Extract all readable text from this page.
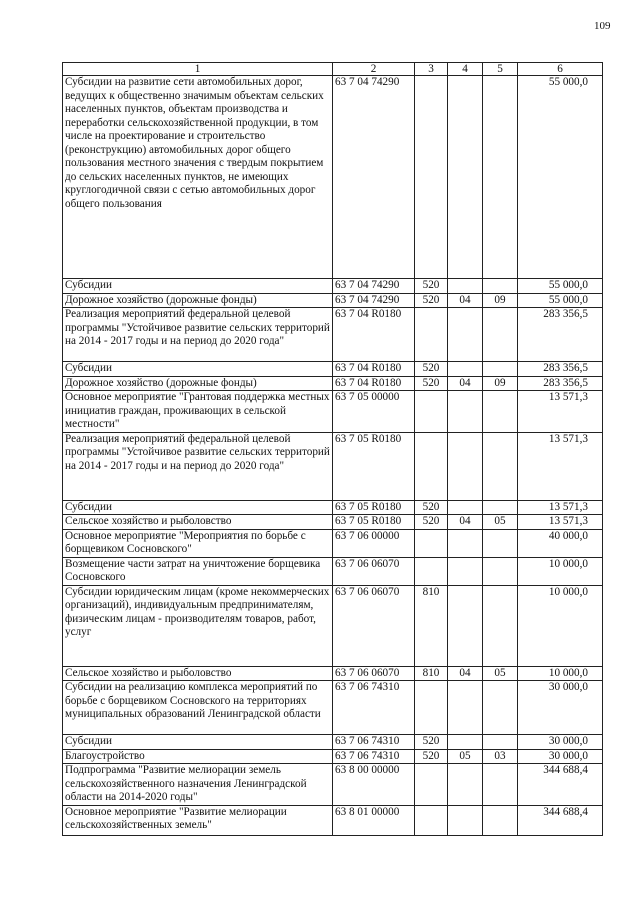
109
1	2	3	4	5	6
Субсидии на развитие сети автомобильных дорог, ведущих к общественно значимым объектам сельских населенных пунктов, объектам производства и переработки сельскохозяйственной продукции, в том числе на проектирование и строительство (реконструкцию) автомобильных дорог общего пользования местного значения с твердым покрытием до сельских населенных пунктов, не имеющих круглогодичной связи с сетью автомобильных дорог общего пользования	63 7 04 74290				55 000,0
Субсидии	63 7 04 74290	520			55 000,0
Дорожное хозяйство (дорожные фонды)	63 7 04 74290	520	04	09	55 000,0
Реализация мероприятий федеральной целевой программы "Устойчивое развитие сельских территорий на 2014 - 2017 годы и на период до 2020 года"	63 7 04 R0180				283 356,5
Субсидии	63 7 04 R0180	520			283 356,5
Дорожное хозяйство (дорожные фонды)	63 7 04 R0180	520	04	09	283 356,5
Основное мероприятие "Грантовая поддержка местных инициатив граждан, проживающих в сельской местности"	63 7 05 00000				13 571,3
Реализация мероприятий федеральной целевой программы "Устойчивое развитие сельских территорий на 2014 - 2017 годы и на период до 2020 года"	63 7 05 R0180				13 571,3
Субсидии	63 7 05 R0180	520			13 571,3
Сельское хозяйство и рыболовство	63 7 05 R0180	520	04	05	13 571,3
Основное мероприятие "Мероприятия по борьбе с борщевиком Сосновского"	63 7 06 00000				40 000,0
Возмещение части затрат на уничтожение борщевика Сосновского	63 7 06 06070				10 000,0
Субсидии юридическим лицам (кроме некоммерческих организаций), индивидуальным предпринимателям, физическим лицам - производителям товаров, работ, услуг	63 7 06 06070	810			10 000,0
Сельское хозяйство и рыболовство	63 7 06 06070	810	04	05	10 000,0
Субсидии на реализацию комплекса мероприятий по борьбе с борщевиком Сосновского на территориях муниципальных образований Ленинградской области	63 7 06 74310				30 000,0
Субсидии	63 7 06 74310	520			30 000,0
Благоустройство	63 7 06 74310	520	05	03	30 000,0
Подпрограмма "Развитие мелиорации земель сельскохозяйственного назначения Ленинградской области на 2014-2020 годы"	63 8 00 00000				344 688,4
Основное мероприятие "Развитие мелиорации сельскохозяйственных земель"	63 8 01 00000				344 688,4
